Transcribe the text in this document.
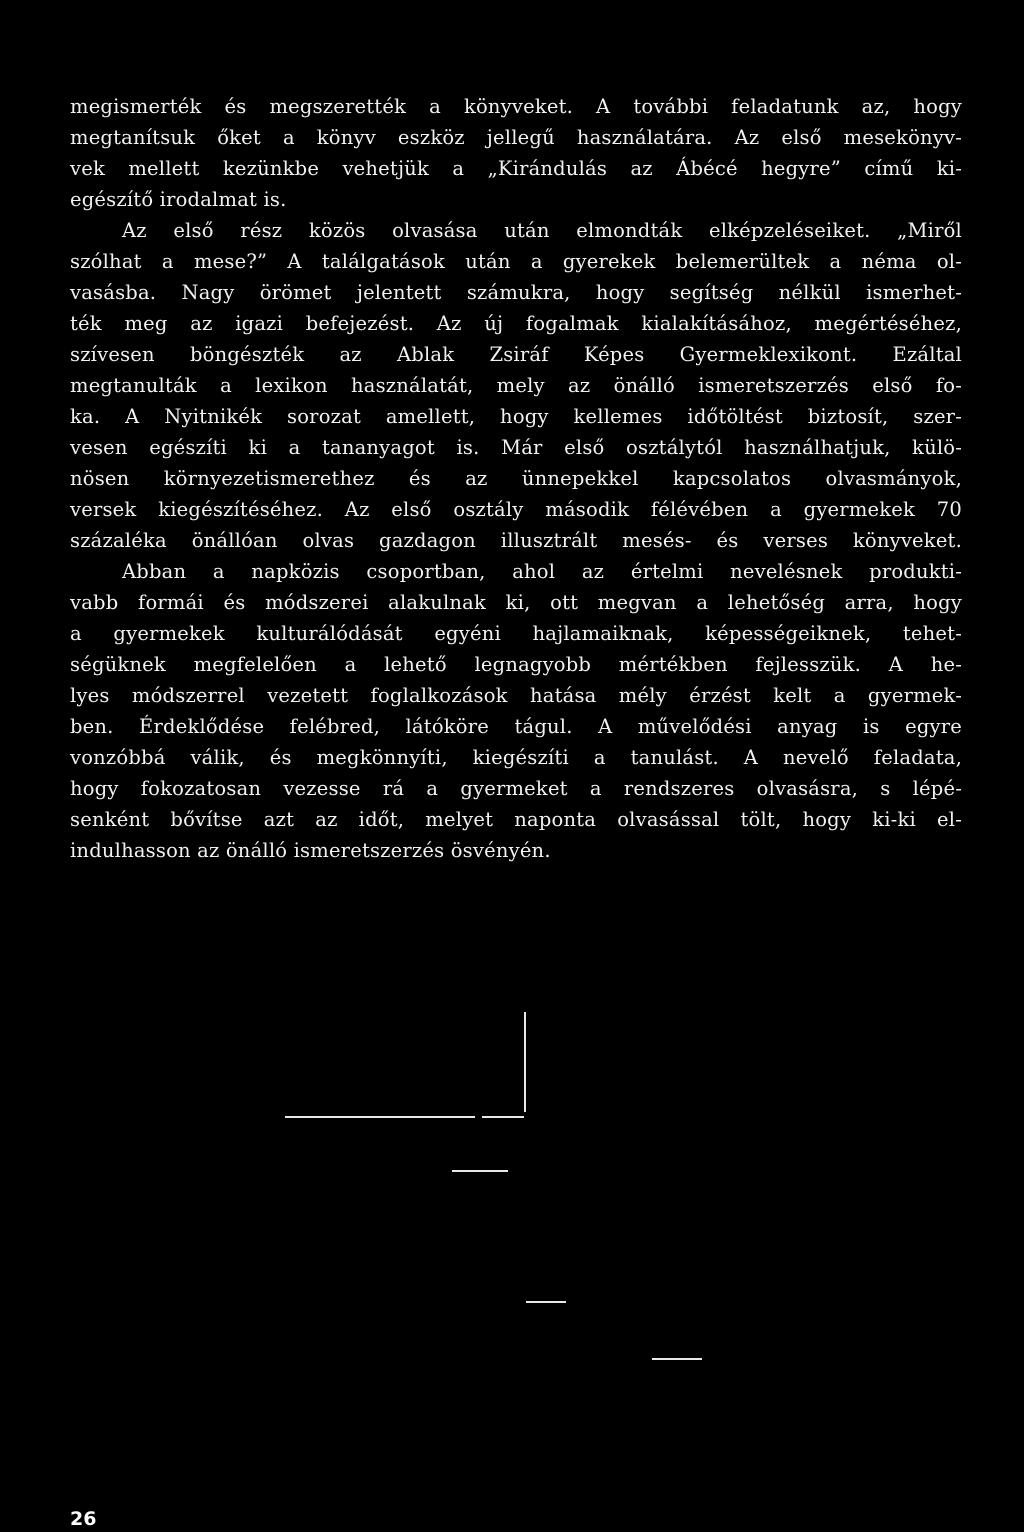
megismerték és megszerették a könyveket. A további feladatunk az, hogy
megtanítsuk őket a könyv eszköz jellegű használatára. Az első mesekönyv-
vek mellett kezünkbe vehetjük a „Kirándulás az Ábécé hegyre” című ki-
egészítő irodalmat is.
Az első rész közös olvasása után elmondták elképzeléseiket. „Miről
szólhat a mese?” A találgatások után a gyerekek belemerültek a néma ol-
vasásba. Nagy örömet jelentett számukra, hogy segítség nélkül ismerhet-
ték meg az igazi befejezést. Az új fogalmak kialakításához, megértéséhez,
szívesen böngészték az Ablak Zsiráf Képes Gyermeklexikont. Ezáltal
megtanulták a lexikon használatát, mely az önálló ismeretszerzés első fo-
ka. A Nyitnikék sorozat amellett, hogy kellemes időtöltést biztosít, szer-
vesen egészíti ki a tananyagot is. Már első osztálytól használhatjuk, külö-
nösen környezetismerethez és az ünnepekkel kapcsolatos olvasmányok,
versek kiegészítéséhez. Az első osztály második félévében a gyermekek 70
százaléka önállóan olvas gazdagon illusztrált mesés- és verses könyveket.
Abban a napközis csoportban, ahol az értelmi nevelésnek produkti-
vabb formái és módszerei alakulnak ki, ott megvan a lehetőség arra, hogy
a gyermekek kulturálódását egyéni hajlamaiknak, képességeiknek, tehet-
ségüknek megfelelően a lehető legnagyobb mértékben fejlesszük. A he-
lyes módszerrel vezetett foglalkozások hatása mély érzést kelt a gyermek-
ben. Érdeklődése felébred, látóköre tágul. A művelődési anyag is egyre
vonzóbbá válik, és megkönnyíti, kiegészíti a tanulást. A nevelő feladata,
hogy fokozatosan vezesse rá a gyermeket a rendszeres olvasásra, s lépé-
senként bővítse azt az időt, melyet naponta olvasással tölt, hogy ki-ki el-
indulhasson az önálló ismeretszerzés ösvényén.
26
